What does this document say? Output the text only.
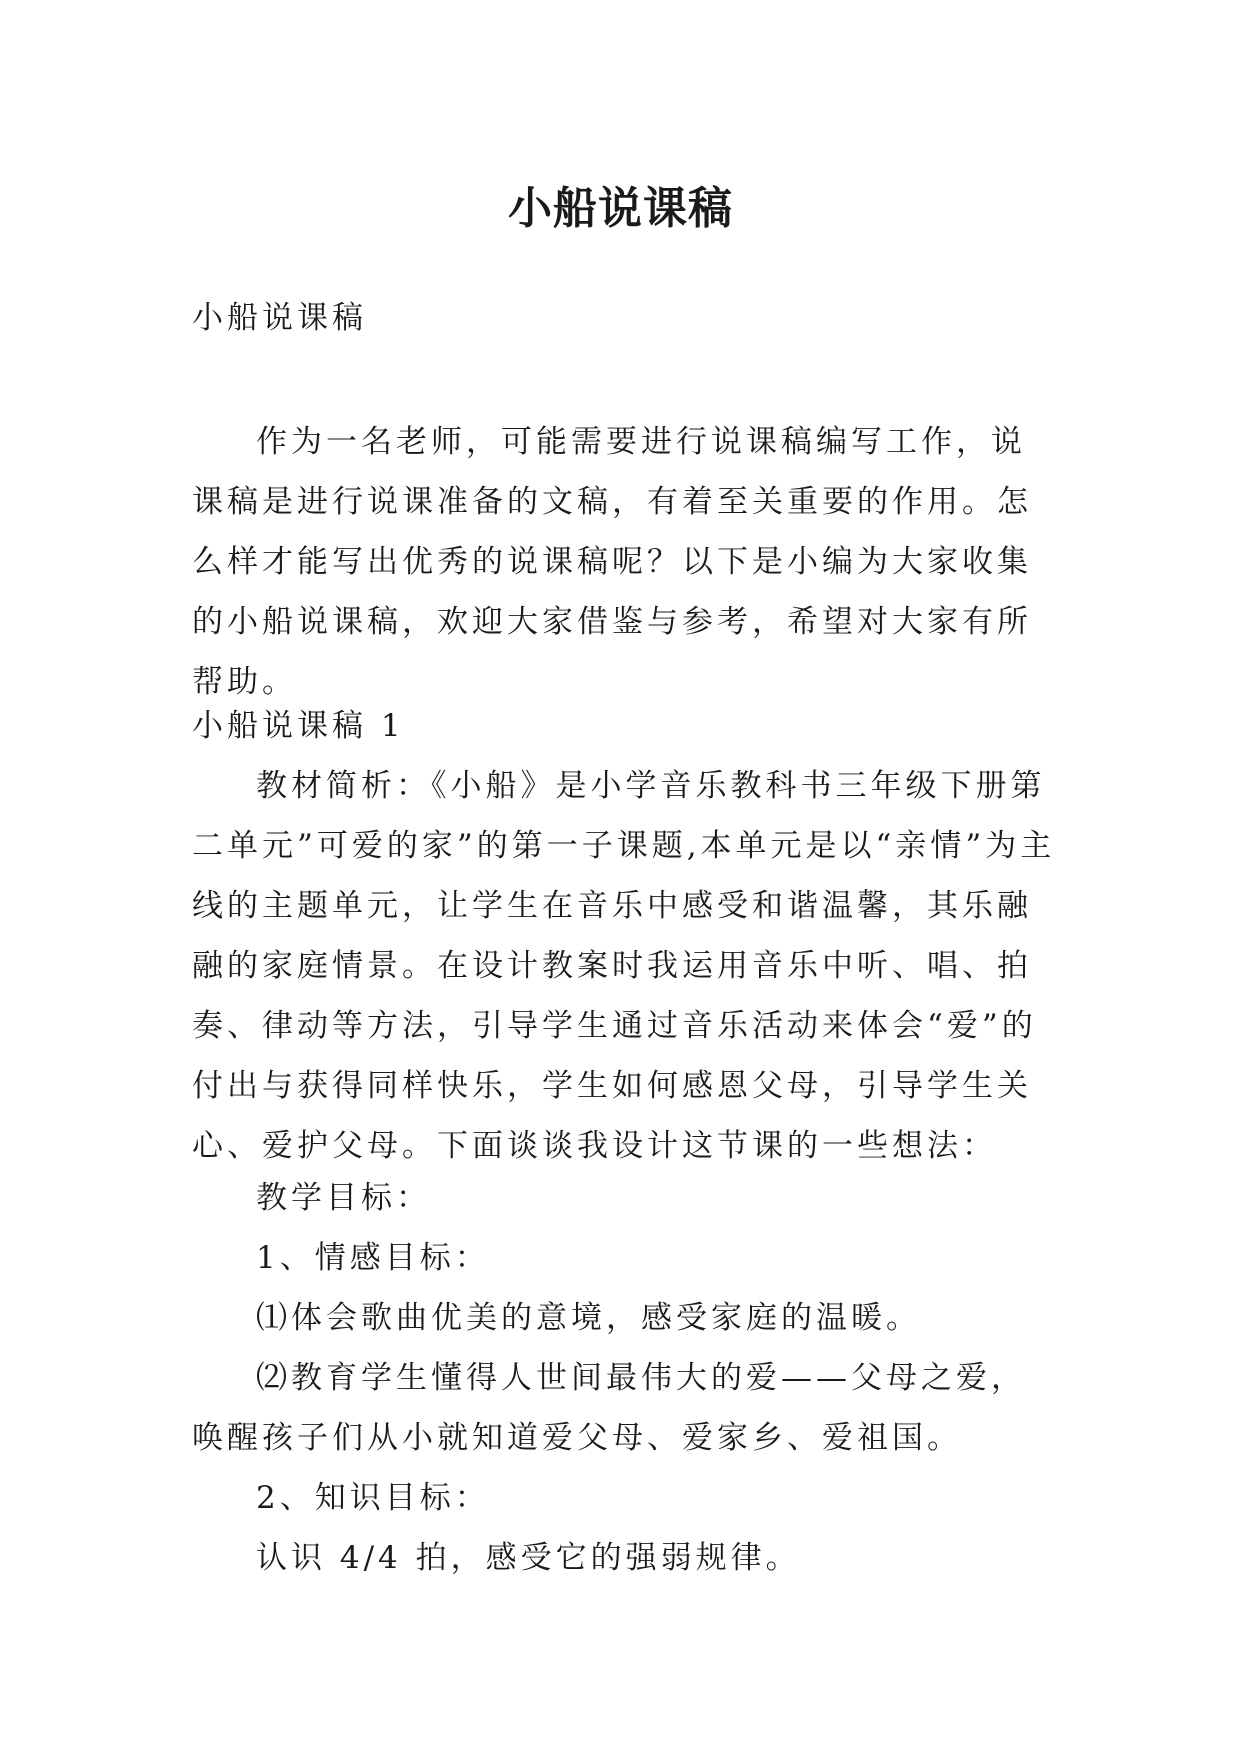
小船说课稿

小船说课稿

作为一名老师，可能需要进行说课稿编写工作，说课稿是进行说课准备的文稿，有着至关重要的作用。怎么样才能写出优秀的说课稿呢？以下是小编为大家收集的小船说课稿，欢迎大家借鉴与参考，希望对大家有所帮助。

小船说课稿 1

教材简析：《小船》是小学音乐教科书三年级下册第二单元”可爱的家”的第一子课题,本单元是以“亲情”为主线的主题单元，让学生在音乐中感受和谐温馨，其乐融融的家庭情景。在设计教案时我运用音乐中听、唱、拍奏、律动等方法，引导学生通过音乐活动来体会“爱”的付出与获得同样快乐，学生如何感恩父母，引导学生关心、爱护父母。下面谈谈我设计这节课的一些想法：

教学目标：

1、情感目标：

⑴体会歌曲优美的意境，感受家庭的温暖。

⑵教育学生懂得人世间最伟大的爱——父母之爱，唤醒孩子们从小就知道爱父母、爱家乡、爱祖国。

2、知识目标：

认识 4/4 拍，感受它的强弱规律。
